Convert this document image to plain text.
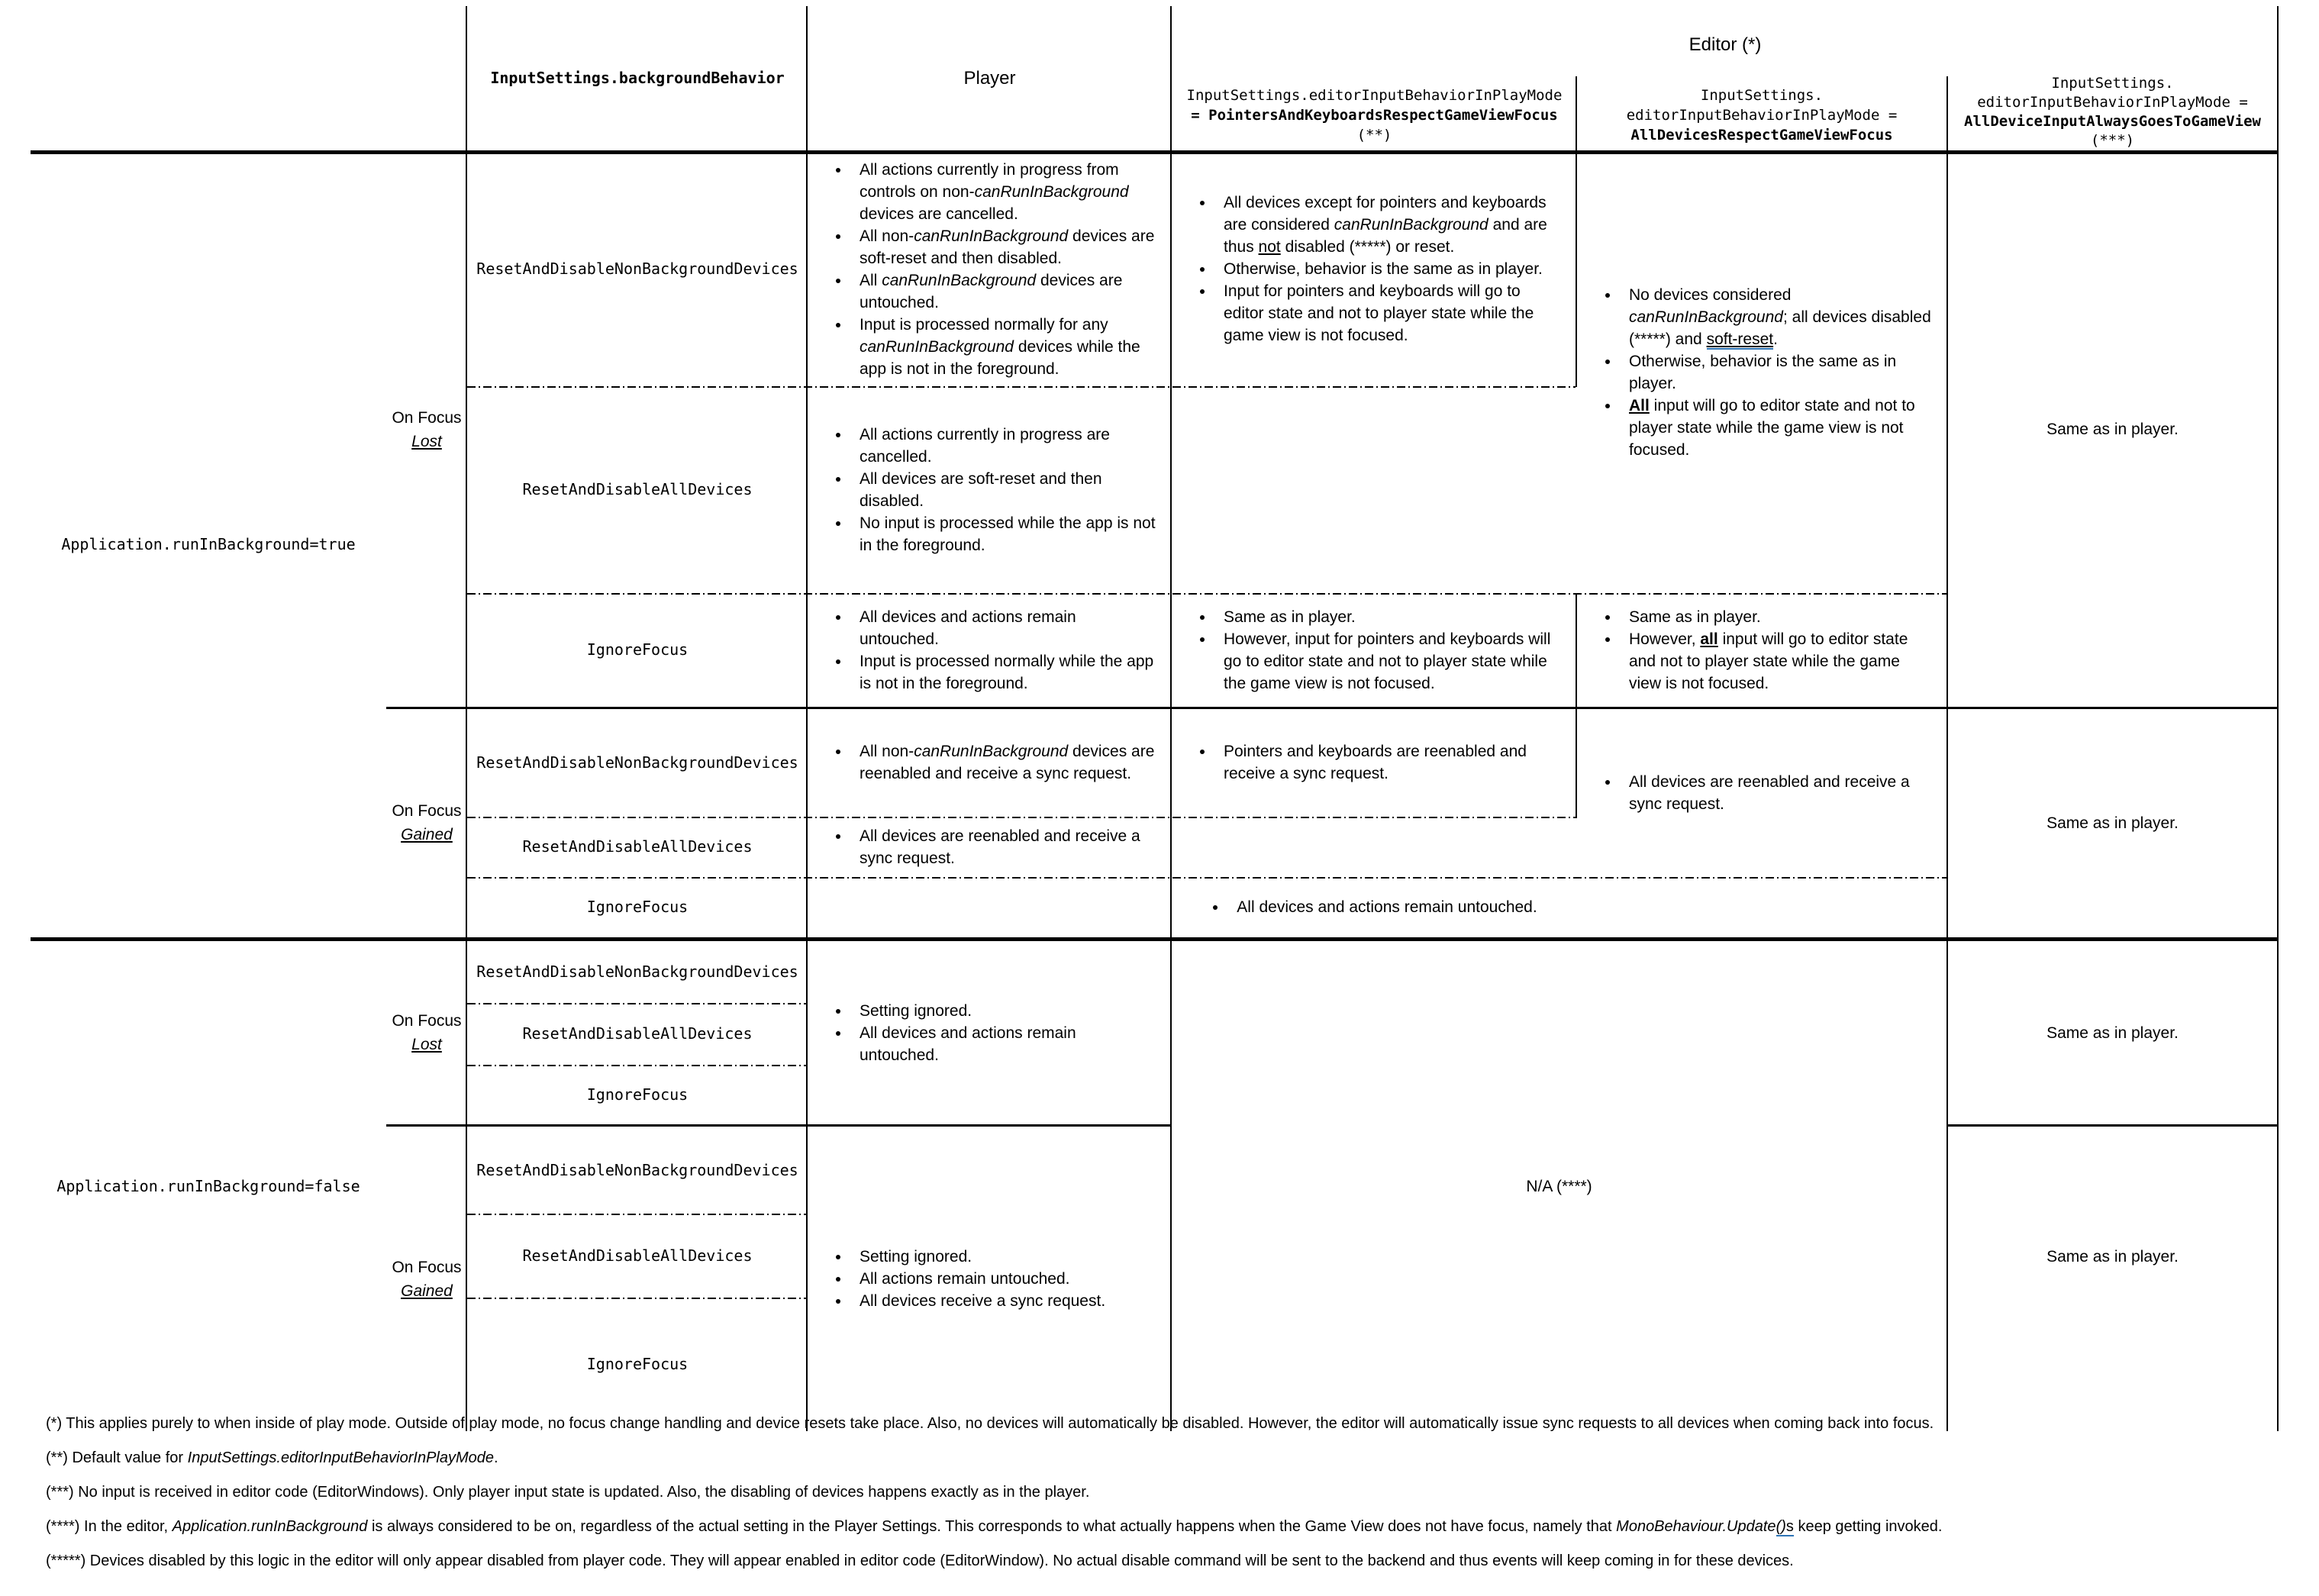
InputSettings.backgroundBehavior	Player
Editor (*)
InputSettings.editorInputBehaviorInPlayMode
= PointersAndKeyboardsRespectGameViewFocus
(**)
InputSettings.
editorInputBehaviorInPlayMode =
AllDevicesRespectGameViewFocus
InputSettings.
editorInputBehaviorInPlayMode =
AllDeviceInputAlwaysGoesToGameView
(***)
Application.runInBackground=true
Application.runInBackground=false
On Focus
Lost
On Focus
Gained
On Focus
Lost
On Focus
Gained
ResetAndDisableNonBackgroundDevices
ResetAndDisableAllDevices
IgnoreFocus
ResetAndDisableNonBackgroundDevices
ResetAndDisableAllDevices
IgnoreFocus
ResetAndDisableNonBackgroundDevices
ResetAndDisableAllDevices
IgnoreFocus
ResetAndDisableNonBackgroundDevices
ResetAndDisableAllDevices
IgnoreFocus
• All actions currently in progress from controls on non-canRunInBackground devices are cancelled.
• All non-canRunInBackground devices are soft-reset and then disabled.
• All canRunInBackground devices are untouched.
• Input is processed normally for any canRunInBackground devices while the app is not in the foreground.
• All actions currently in progress are cancelled.
• All devices are soft-reset and then disabled.
• No input is processed while the app is not in the foreground.
• All devices and actions remain untouched.
• Input is processed normally while the app is not in the foreground.
• All devices except for pointers and keyboards are considered canRunInBackground and are thus not disabled (*****) or reset.
• Otherwise, behavior is the same as in player.
• Input for pointers and keyboards will go to editor state and not to player state while the game view is not focused.
• No devices considered canRunInBackground; all devices disabled (*****) and soft-reset.
• Otherwise, behavior is the same as in player.
• All input will go to editor state and not to player state while the game view is not focused.
Same as in player.
• Same as in player.
• However, input for pointers and keyboards will go to editor state and not to player state while the game view is not focused.
• Same as in player.
• However, all input will go to editor state and not to player state while the game view is not focused.
• All non-canRunInBackground devices are reenabled and receive a sync request.
• Pointers and keyboards are reenabled and receive a sync request.	• All devices are reenabled and receive a sync request.
Same as in player.
• All devices are reenabled and receive a sync request.
• All devices and actions remain untouched.
• Setting ignored.
• All devices and actions remain untouched.
N/A (****)
Same as in player.
• Setting ignored.
• All actions remain untouched.
• All devices receive a sync request.
Same as in player.
(*) This applies purely to when inside of play mode. Outside of play mode, no focus change handling and device resets take place. Also, no devices will automatically be disabled. However, the editor will automatically issue sync requests to all devices when coming back into focus.
(**) Default value for InputSettings.editorInputBehaviorInPlayMode.
(***) No input is received in editor code (EditorWindows). Only player input state is updated. Also, the disabling of devices happens exactly as in the player.
(****) In the editor, Application.runInBackground is always considered to be on, regardless of the actual setting in the Player Settings. This corresponds to what actually happens when the Game View does not have focus, namely that MonoBehaviour.Update()s keep getting invoked.
(*****) Devices disabled by this logic in the editor will only appear disabled from player code. They will appear enabled in editor code (EditorWindow). No actual disable command will be sent to the backend and thus events will keep coming in for these devices.
